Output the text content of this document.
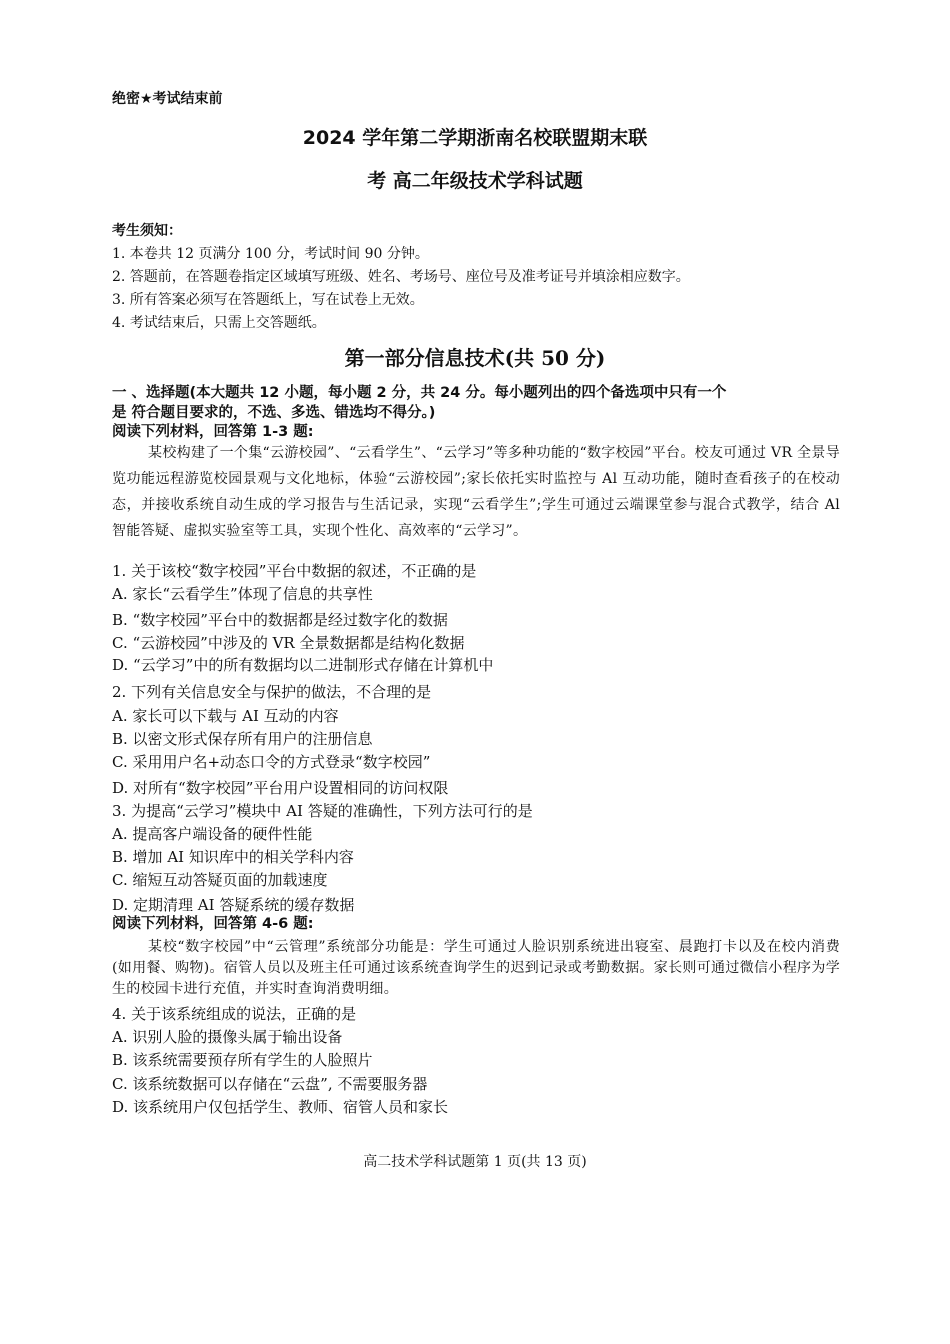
绝密★考试结束前
2024 学年第二学期浙南名校联盟期末联
考 高二年级技术学科试题
考生须知：
1. 本卷共 12 页满分 100 分，考试时间 90 分钟。
2. 答题前，在答题卷指定区域填写班级、姓名、考场号、座位号及准考证号并填涂相应数字。
3. 所有答案必须写在答题纸上，写在试卷上无效。
4. 考试结束后，只需上交答题纸。
第一部分信息技术(共 50 分)
一 、选择题(本大题共 12 小题，每小题 2 分，共 24 分。每小题列出的四个备选项中只有一个
是 符合题目要求的，不选、多选、错选均不得分。)
阅读下列材料，回答第 1-3 题:
某校构建了一个集“云游校园”、“云看学生”、“云学习”等多种功能的“数字校园”平台。校友可通过 VR 全景导览功能远程游览校园景观与文化地标，体验“云游校园”;家长依托实时监控与 Al 互动功能，随时查看孩子的在校动态，并接收系统自动生成的学习报告与生活记录，实现“云看学生”;学生可通过云端课堂参与混合式教学，结合 Al 智能答疑、虚拟实验室等工具，实现个性化、高效率的“云学习”。
1. 关于该校“数字校园”平台中数据的叙述，不正确的是
A. 家长“云看学生”体现了信息的共享性
B. “数字校园”平台中的数据都是经过数字化的数据
C. “云游校园”中涉及的 VR 全景数据都是结构化数据
D. “云学习”中的所有数据均以二进制形式存储在计算机中
2. 下列有关信息安全与保护的做法，不合理的是
A. 家长可以下载与 AI 互动的内容
B. 以密文形式保存所有用户的注册信息
C. 采用用户名+动态口令的方式登录“数字校园”
D. 对所有“数字校园”平台用户设置相同的访问权限
3. 为提高“云学习”模块中 AI 答疑的准确性，下列方法可行的是
A. 提高客户端设备的硬件性能
B. 增加 AI 知识库中的相关学科内容
C. 缩短互动答疑页面的加载速度
D. 定期清理 AI 答疑系统的缓存数据
阅读下列材料，回答第 4-6 题:
某校“数字校园”中“云管理”系统部分功能是：学生可通过人脸识别系统进出寝室、晨跑打卡以及在校内消费(如用餐、购物)。宿管人员以及班主任可通过该系统查询学生的迟到记录或考勤数据。家长则可通过微信小程序为学生的校园卡进行充值，并实时查询消费明细。
4. 关于该系统组成的说法，正确的是
A. 识别人脸的摄像头属于输出设备
B. 该系统需要预存所有学生的人脸照片
C. 该系统数据可以存储在“云盘”, 不需要服务器
D. 该系统用户仅包括学生、教师、宿管人员和家长
高二技术学科试题第 1 页(共 13 页)
